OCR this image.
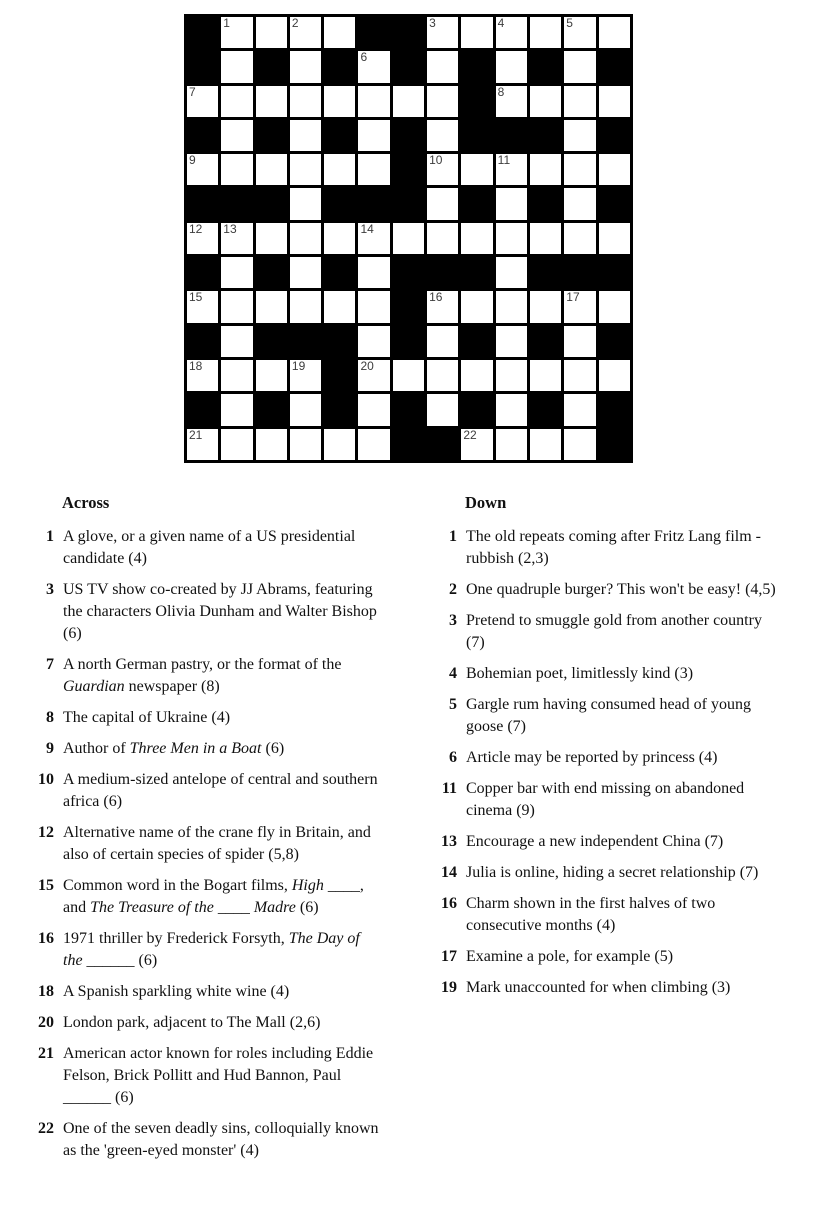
1	2	3	4	5
6
7	8
9	10	11
12 13	14
15	16	17
18	19	20
21	22
Across
1 A glove, or a given name of a US presidential candidate (4)
3 US TV show co-created by JJ Abrams, featuring the characters Olivia Dunham and Walter Bishop (6)
7 A north German pastry, or the format of the Guardian newspaper (8)
8 The capital of Ukraine (4)
9 Author of Three Men in a Boat (6)
10 A medium-sized antelope of central and southern africa (6)
12 Alternative name of the crane fly in Britain, and also of certain species of spider (5,8)
15 Common word in the Bogart films, High ____, and The Treasure of the ____ Madre (6)
16 1971 thriller by Frederick Forsyth, The Day of the ______ (6)
18 A Spanish sparkling white wine (4)
20 London park, adjacent to The Mall (2,6)
21 American actor known for roles including Eddie Felson, Brick Pollitt and Hud Bannon, Paul ______ (6)
22 One of the seven deadly sins, colloquially known as the 'green-eyed monster' (4)
Down
1 The old repeats coming after Fritz Lang film - rubbish (2,3)
2 One quadruple burger? This won't be easy! (4,5)
3 Pretend to smuggle gold from another country (7)
4 Bohemian poet, limitlessly kind (3)
5 Gargle rum having consumed head of young goose (7)
6 Article may be reported by princess (4)
11 Copper bar with end missing on abandoned cinema (9)
13 Encourage a new independent China (7)
14 Julia is online, hiding a secret relationship (7)
16 Charm shown in the first halves of two consecutive months (4)
17 Examine a pole, for example (5)
19 Mark unaccounted for when climbing (3)
